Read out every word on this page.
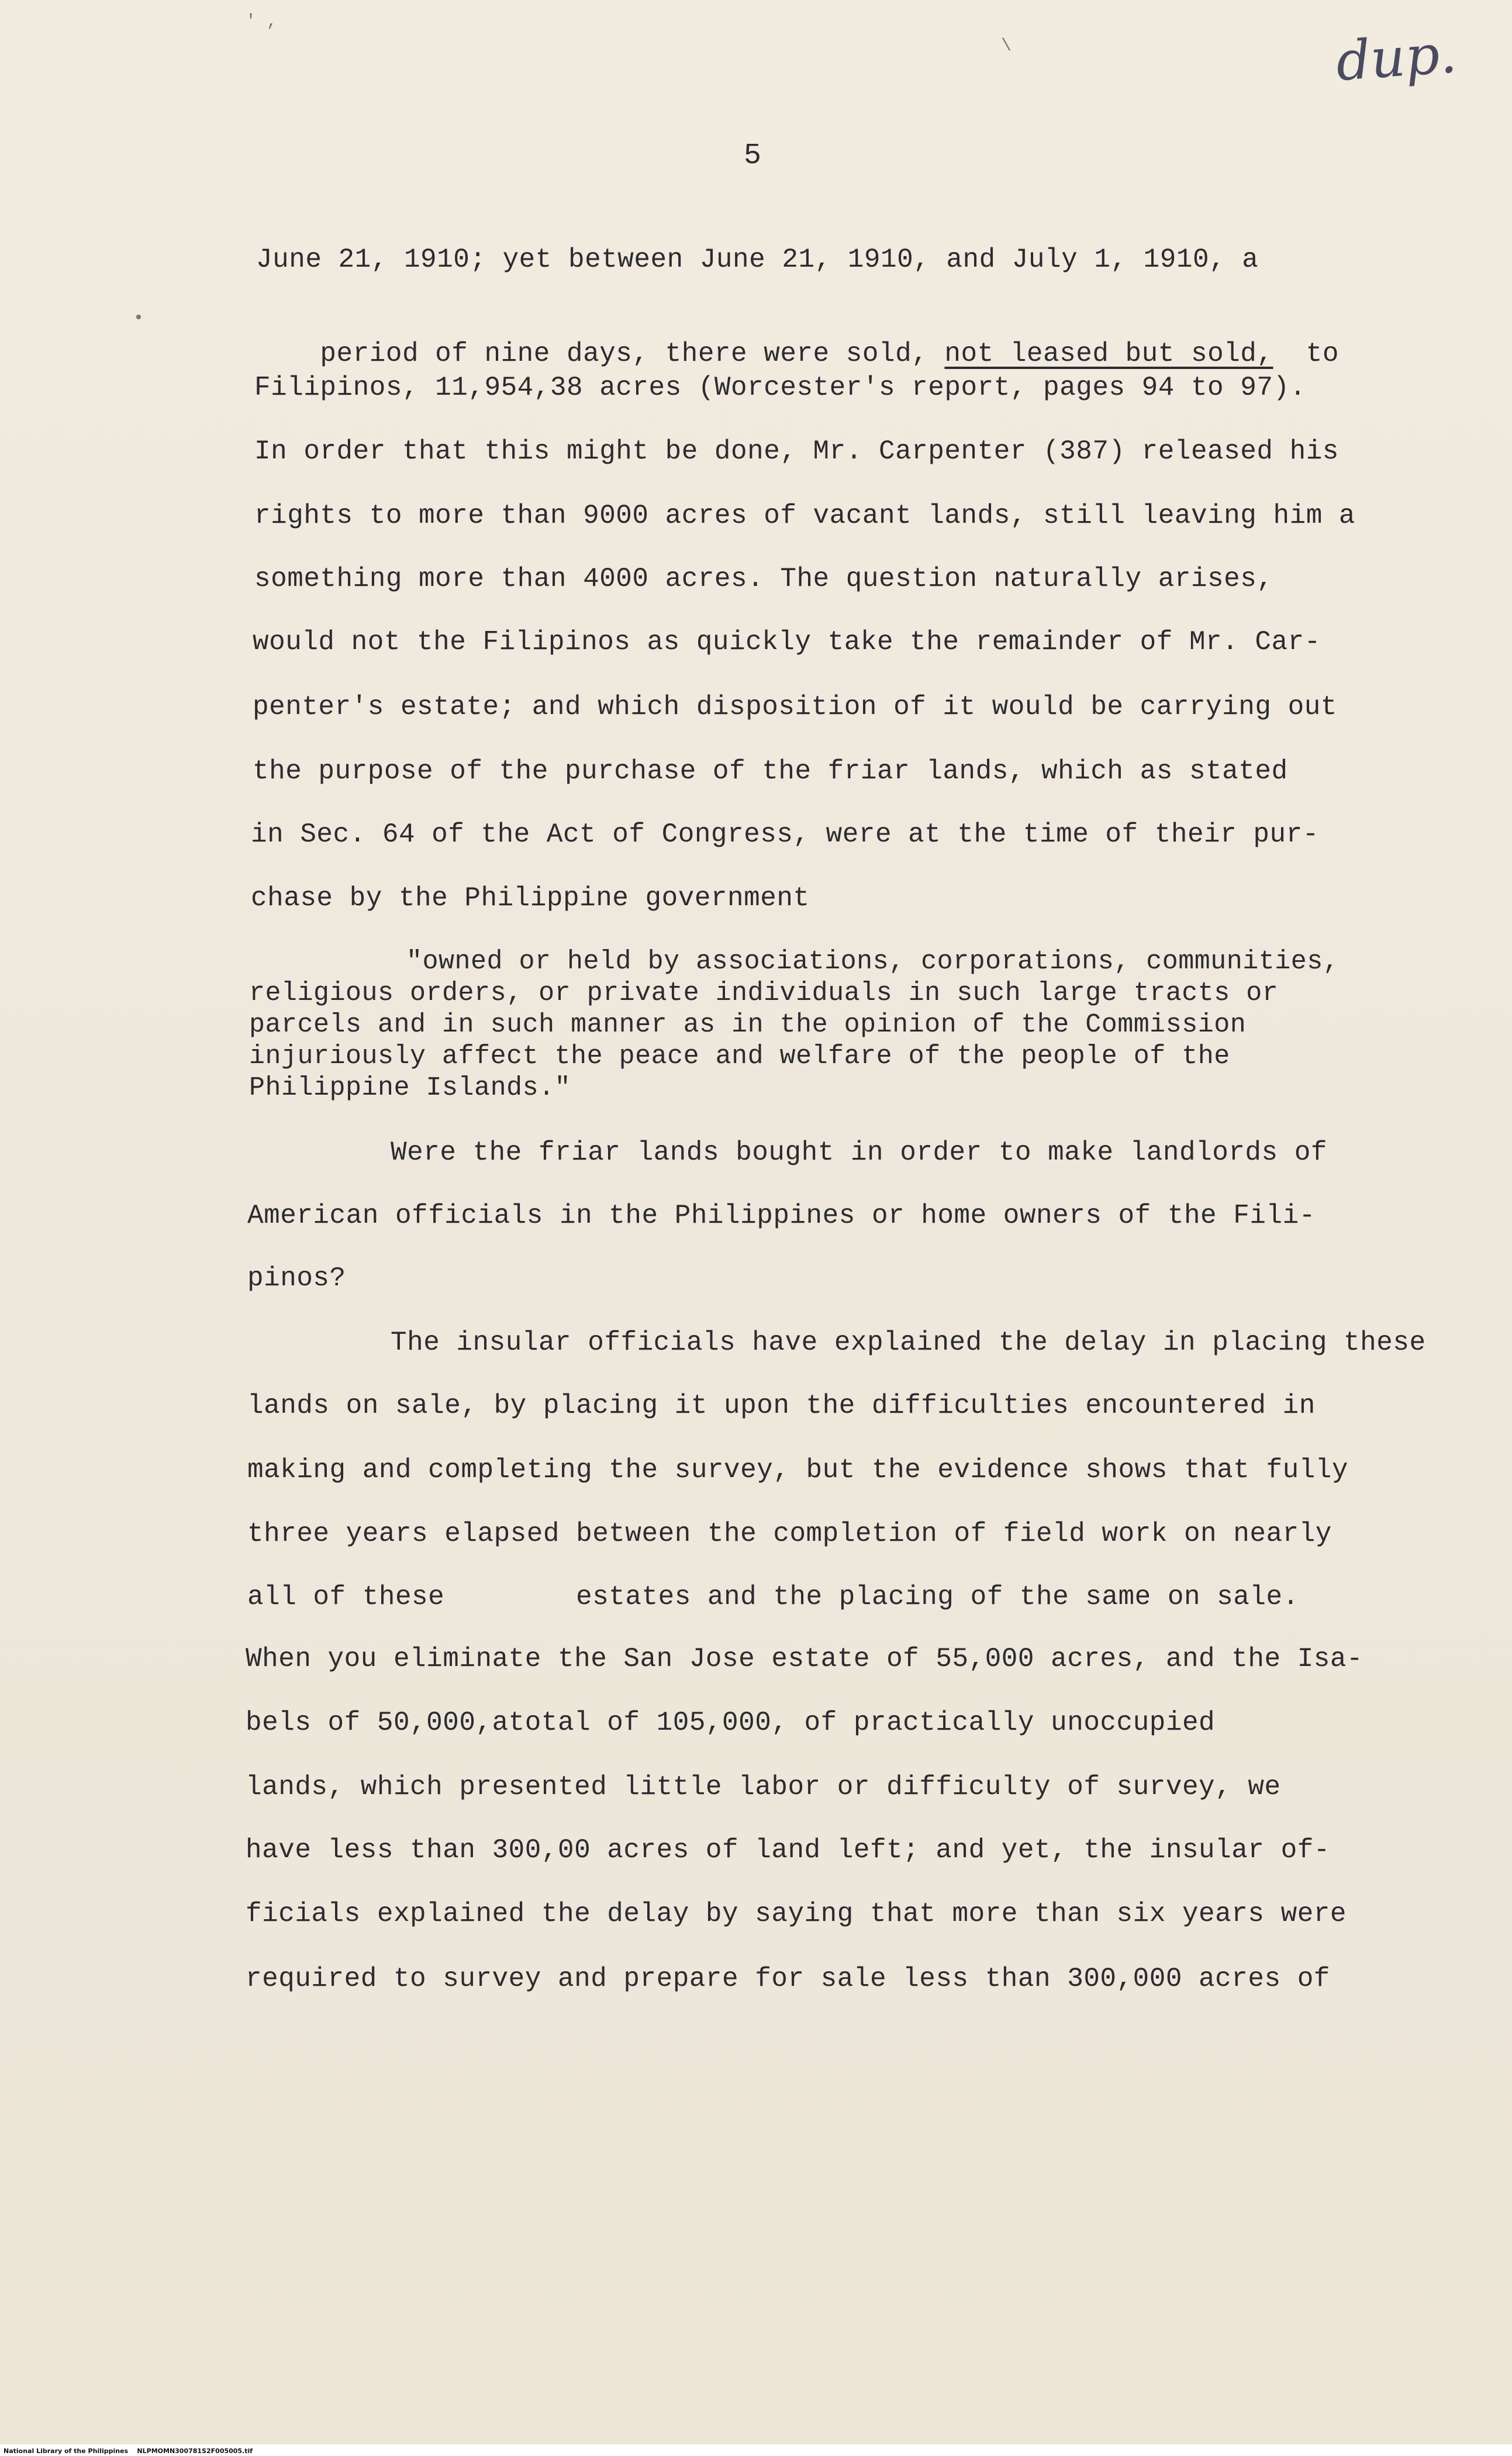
' ,
\
•
dup.
5
June 21, 1910; yet between June 21, 1910, and July 1, 1910, a

period of nine days, there were sold, not leased but sold, to

Filipinos, 11,954,38 acres (Worcester's report, pages 94 to 97).
In order that this might be done, Mr. Carpenter (387) released his
rights to more than 9000 acres of vacant lands, still leaving him a
something more than 4000 acres. The question naturally arises,
would not the Filipinos as quickly take the remainder of Mr. Car-
penter's estate; and which disposition of it would be carrying out
the purpose of the purchase of the friar lands, which as stated
in Sec. 64 of the Act of Congress, were at the time of their pur-
chase by the Philippine government
"owned or held by associations, corporations, communities,
religious orders, or private individuals in such large tracts or
parcels and in such manner as in the opinion of the Commission
injuriously affect the peace and welfare of the people of the
Philippine Islands."
Were the friar lands bought in order to make landlords of
American officials in the Philippines or home owners of the Fili-
pinos?
The insular officials have explained the delay in placing these
lands on sale, by placing it upon the difficulties encountered in
making and completing the survey, but the evidence shows that fully
three years elapsed between the completion of field work on nearly
all of these        estates and the placing of the same on sale.
When you eliminate the San Jose estate of 55,000 acres, and the Isa-
bels of 50,000,atotal of 105,000, of practically unoccupied
lands, which presented little labor or difficulty of survey, we
have less than 300,00 acres of land left; and yet, the insular of-
ficials explained the delay by saying that more than six years were
required to survey and prepare for sale less than 300,000 acres of
National Library of the Philippines    NLPMOMN300781S2F005005.tif
